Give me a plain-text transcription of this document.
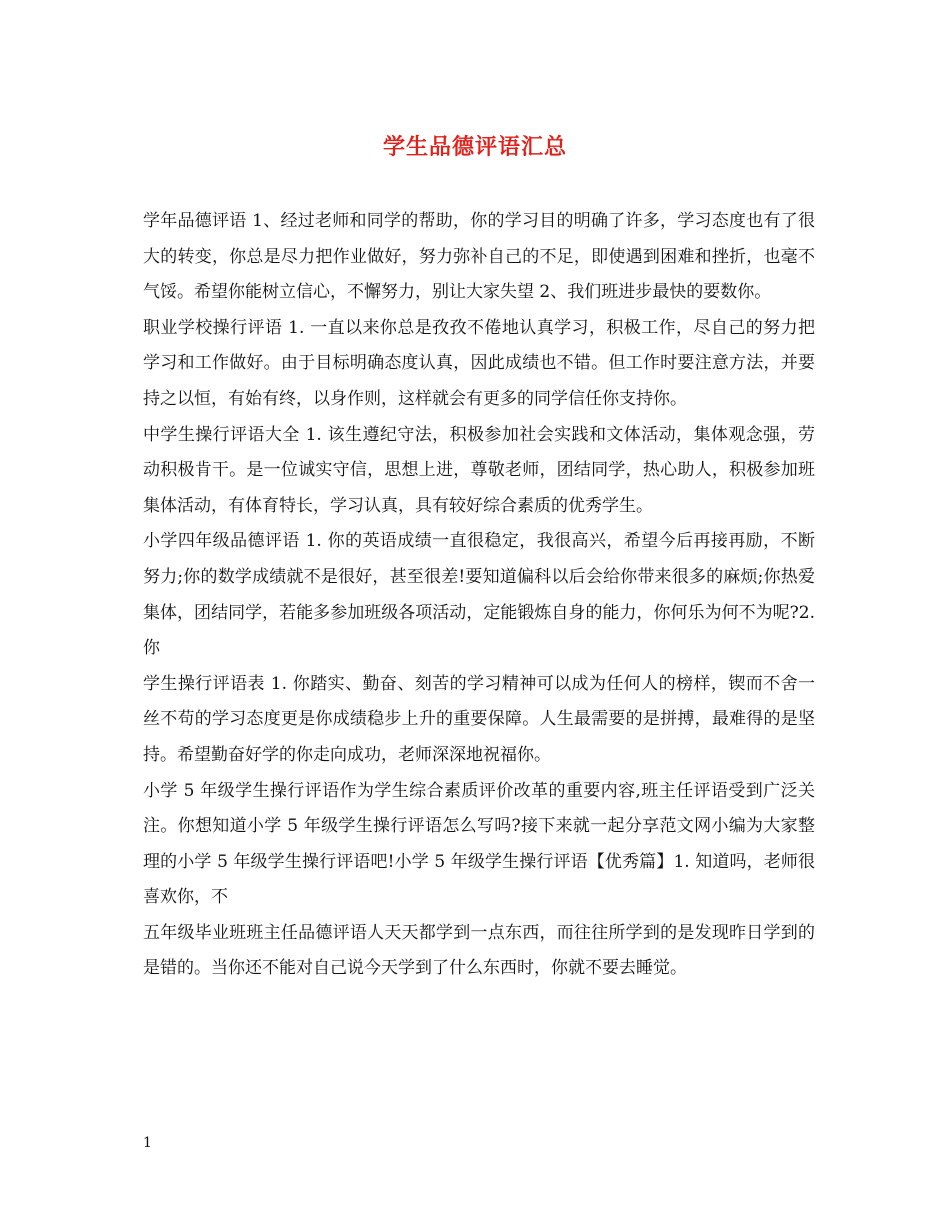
学生品德评语汇总

学年品德评语 1、经过老师和同学的帮助，你的学习目的明确了许多，学习态度也有了很大的转变，你总是尽力把作业做好，努力弥补自己的不足，即使遇到困难和挫折，也毫不气馁。希望你能树立信心，不懈努力，别让大家失望 2、我们班进步最快的要数你。

职业学校操行评语 1. 一直以来你总是孜孜不倦地认真学习，积极工作，尽自己的努力把学习和工作做好。由于目标明确态度认真，因此成绩也不错。但工作时要注意方法，并要持之以恒，有始有终，以身作则，这样就会有更多的同学信任你支持你。

中学生操行评语大全 1. 该生遵纪守法，积极参加社会实践和文体活动，集体观念强，劳动积极肯干。是一位诚实守信，思想上进，尊敬老师，团结同学，热心助人，积极参加班集体活动，有体育特长，学习认真，具有较好综合素质的优秀学生。

小学四年级品德评语 1. 你的英语成绩一直很稳定，我很高兴，希望今后再接再励，不断努力;你的数学成绩就不是很好，甚至很差!要知道偏科以后会给你带来很多的麻烦;你热爱集体，团结同学，若能多参加班级各项活动，定能锻炼自身的能力，你何乐为何不为呢?2. 你

学生操行评语表 1. 你踏实、勤奋、刻苦的学习精神可以成为任何人的榜样，锲而不舍一丝不苟的学习态度更是你成绩稳步上升的重要保障。人生最需要的是拼搏，最难得的是坚持。希望勤奋好学的你走向成功，老师深深地祝福你。

小学 5 年级学生操行评语作为学生综合素质评价改革的重要内容,班主任评语受到广泛关注。你想知道小学 5 年级学生操行评语怎么写吗?接下来就一起分享范文网小编为大家整理的小学 5 年级学生操行评语吧!小学 5 年级学生操行评语【优秀篇】1. 知道吗，老师很喜欢你，不

五年级毕业班班主任品德评语人天天都学到一点东西，而往往所学到的是发现昨日学到的是错的。当你还不能对自己说今天学到了什么东西时，你就不要去睡觉。

1
